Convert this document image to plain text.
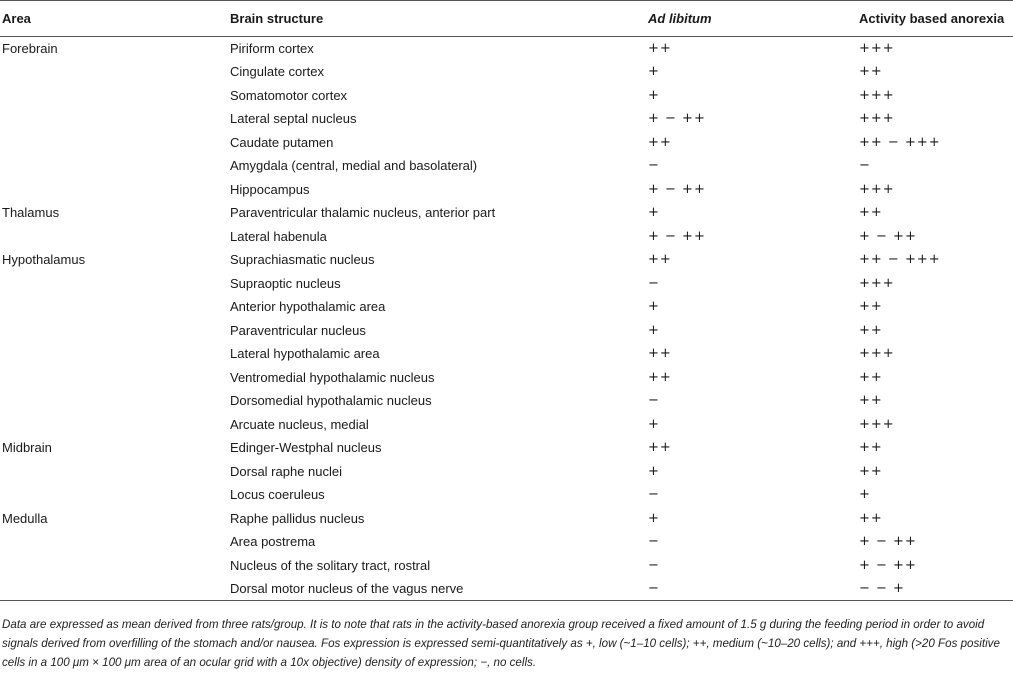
Area	Brain structure	Ad libitum	Activity based anorexia
Forebrain	Piriform cortex	++	+++
	Cingulate cortex	+	++
	Somatomotor cortex	+	+++
	Lateral septal nucleus	+ − ++	+++
	Caudate putamen	++	++ − +++
	Amygdala (central, medial and basolateral)	−	−
	Hippocampus	+ − ++	+++
Thalamus	Paraventricular thalamic nucleus, anterior part	+	++
	Lateral habenula	+ − ++	+ − ++
Hypothalamus	Suprachiasmatic nucleus	++	++ − +++
	Supraoptic nucleus	−	+++
	Anterior hypothalamic area	+	++
	Paraventricular nucleus	+	++
	Lateral hypothalamic area	++	+++
	Ventromedial hypothalamic nucleus	++	++
	Dorsomedial hypothalamic nucleus	−	++
	Arcuate nucleus, medial	+	+++
Midbrain	Edinger-Westphal nucleus	++	++
	Dorsal raphe nuclei	+	++
	Locus coeruleus	−	+
Medulla	Raphe pallidus nucleus	+	++
	Area postrema	−	+ − ++
	Nucleus of the solitary tract, rostral	−	+ − ++
	Dorsal motor nucleus of the vagus nerve	−	− − +
Data are expressed as mean derived from three rats/group. It is to note that rats in the activity-based anorexia group received a fixed amount of 1.5 g during the feeding period in order to avoid signals derived from overfilling of the stomach and/or nausea. Fos expression is expressed semi-quantitatively as +, low (~1–10 cells); ++, medium (~10–20 cells); and +++, high (>20 Fos positive cells in a 100 μm × 100 μm area of an ocular grid with a 10x objective) density of expression; −, no cells.
